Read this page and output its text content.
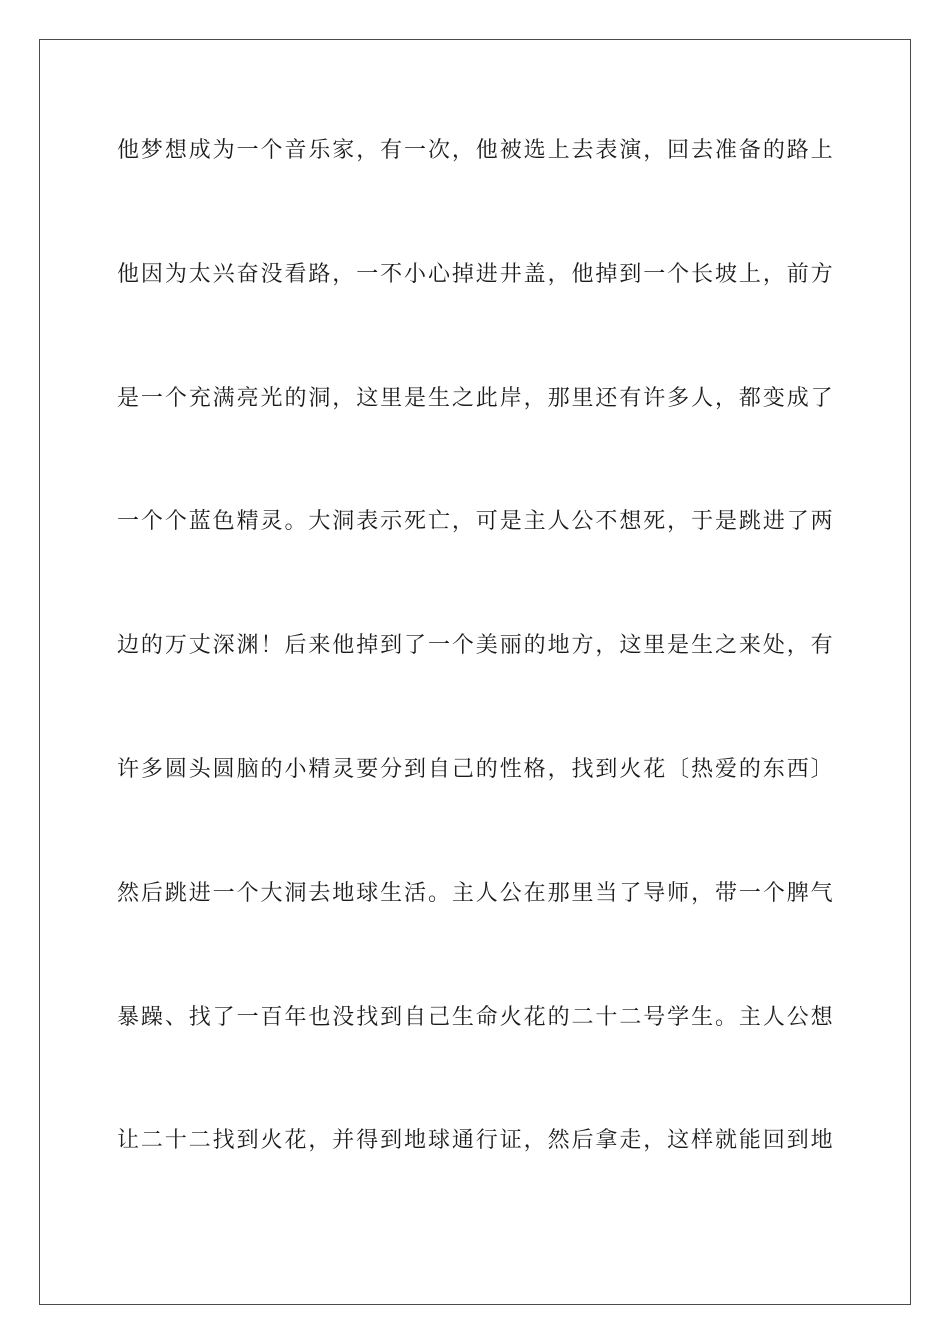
他梦想成为一个音乐家，有一次，他被选上去表演，回去准备的路上
他因为太兴奋没看路，一不小心掉进井盖，他掉到一个长坡上，前方
是一个充满亮光的洞，这里是生之此岸，那里还有许多人，都变成了
一个个蓝色精灵。大洞表示死亡，可是主人公不想死，于是跳进了两
边的万丈深渊！后来他掉到了一个美丽的地方，这里是生之来处，有
许多圆头圆脑的小精灵要分到自己的性格，找到火花〔热爱的东西〕
然后跳进一个大洞去地球生活。主人公在那里当了导师，带一个脾气
暴躁、找了一百年也没找到自己生命火花的二十二号学生。主人公想
让二十二找到火花，并得到地球通行证，然后拿走，这样就能回到地
